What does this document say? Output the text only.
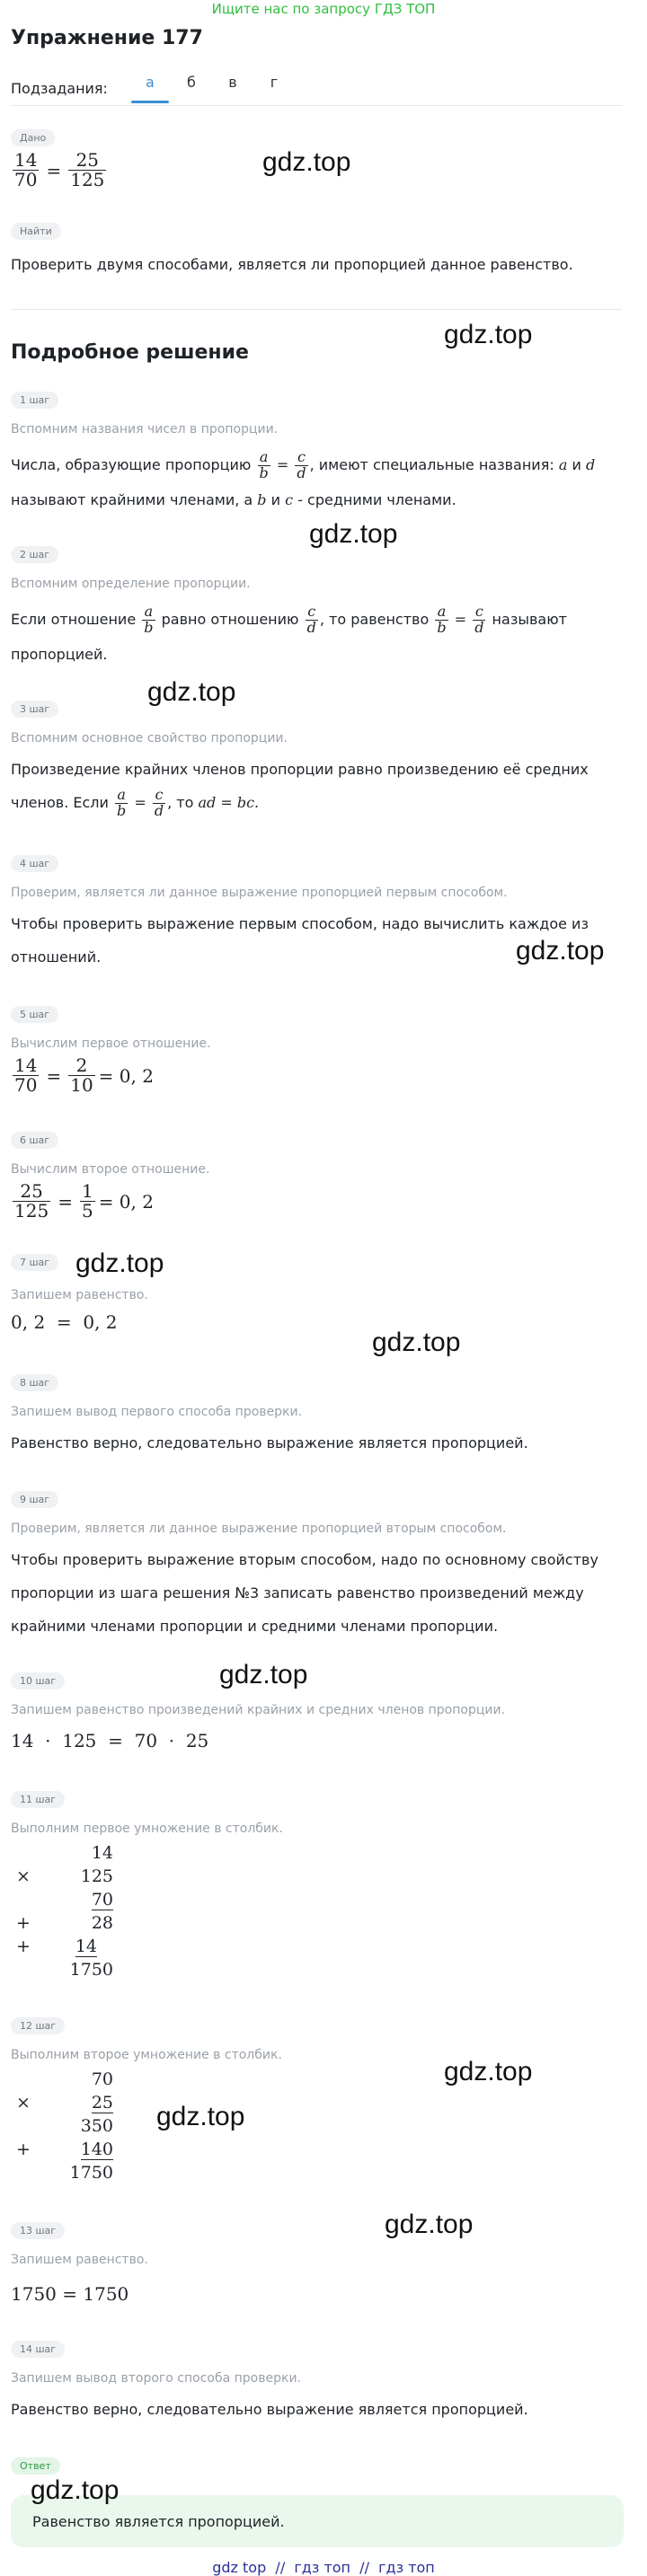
Ищите нас по запросу ГДЗ ТОП
Упражнение 177
Подзадания:	а	б	в	г
Дано
$\frac{14}{70} = \frac{25}{125}$
Найти
Проверить двумя способами, является ли пропорцией данное равенство.
Подробное решение
1 шаг
Вспомним названия чисел в пропорции.
Числа, образующие пропорцию $\frac{a}{b} = \frac{c}{d}$ , имеют специальные названия: a и d
называют крайними членами, а b и c - средними членами.
2 шаг
Вспомним определение пропорции.
Если отношение $\frac{a}{b}$ равно отношению $\frac{c}{d}$ , то равенство $\frac{a}{b} = \frac{c}{d}$ называют
пропорцией.
3 шаг
Вспомним основное свойство пропорции.
Произведение крайних членов пропорции равно произведению её средних
членов. Если $\frac{a}{b} = \frac{c}{d}$ , то ad = bc.
4 шаг
Проверим, является ли данное выражение пропорцией первым способом.
Чтобы проверить выражение первым способом, надо вычислить каждое из
отношений.
5 шаг
Вычислим первое отношение.
$\frac{14}{70} = \frac{2}{10} = 0$, 2
6 шаг
Вычислим второе отношение.
$\frac{25}{125} = \frac{1}{5} = 0$, 2
7 шаг
Запишем равенство.
0, 2  =  0, 2
8 шаг
Запишем вывод первого способа проверки.
Равенство верно, следовательно выражение является пропорцией.
9 шаг
Проверим, является ли данное выражение пропорцией вторым способом.
Чтобы проверить выражение вторым способом, надо по основному свойству
пропорции из шага решения №3 записать равенство произведений между
крайними членами пропорции и средними членами пропорции.
10 шаг
Запишем равенство произведений крайних и средних членов пропорции.
14  ·  125  =  70  ·  25
11 шаг
Выполним первое умножение в столбик.
14
×	125
70
+	28
+	14
1750
12 шаг
Выполним второе умножение в столбик.
70
×	25
350
+	140
1750
13 шаг
Запишем равенство.
1750 = 1750
14 шаг
Запишем вывод второго способа проверки.
Равенство верно, следовательно выражение является пропорцией.
Ответ
Равенство является пропорцией.
gdz.top
gdz.top
gdz.top
gdz.top
gdz.top
gdz.top
gdz.top
gdz.top
gdz.top
gdz.top
gdz.top
gdz.top
gdz top  //  гдз топ  //  гдз топ
